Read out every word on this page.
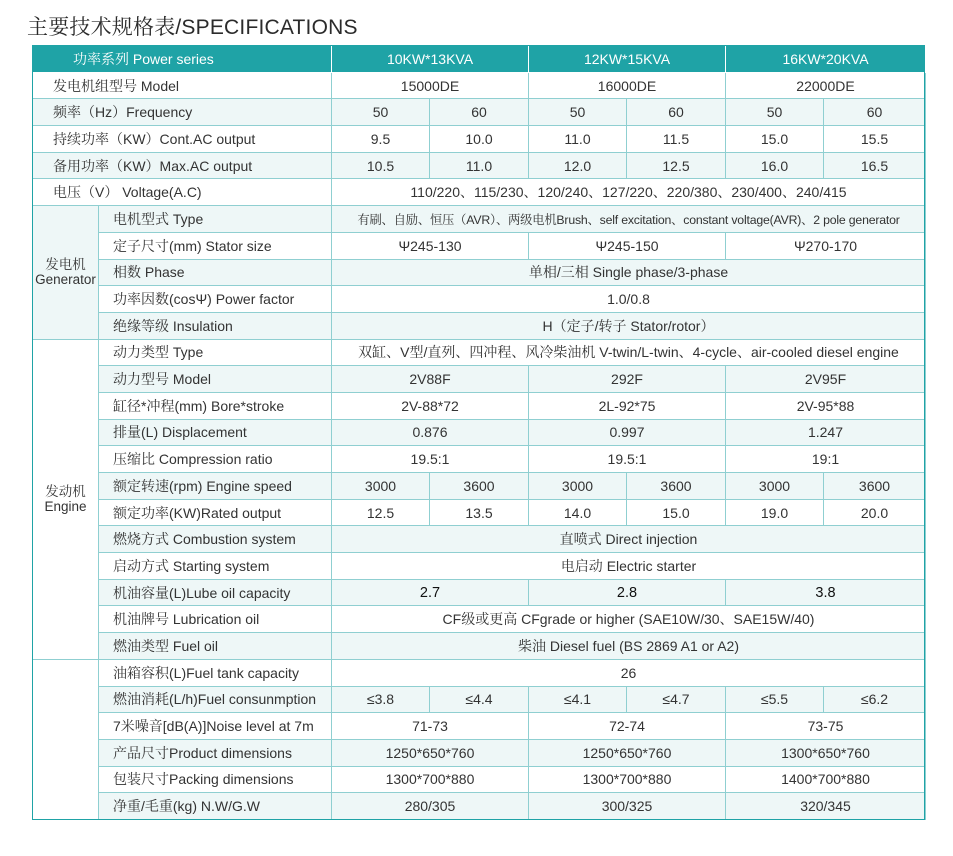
主要技术规格表/SPECIFICATIONS
功率系列 Power series		10KW*13KVA		12KW*15KVA		16KW*20KVA	
发电机组型号 Model		15000DE		16000DE		22000DE	
频率（Hz）Frequency		50	60	50	60	50	60
持续功率（KW）Cont.AC output		9.5	10.0	11.0	11.5	15.0	15.5
备用功率（KW）Max.AC output		10.5	11.0	12.0	12.5	16.0	16.5
电压（V） Voltage(A.C)		110/220、115/230、120/240、127/220、220/380、230/400、240/415					
发电机
Generator	电机型式 Type	有刷、自励、恒压（AVR）、两级电机Brush、self excitation、constant voltage(AVR)、2 pole generator					
	定子尺寸(mm) Stator size	Ψ245-130		Ψ245-150		Ψ270-170	
	相数 Phase	单相/三相 Single phase/3-phase					
	功率因数(cosΨ) Power factor	1.0/0.8					
	绝缘等级 Insulation	H（定子/转子 Stator/rotor）					
发动机
Engine	动力类型 Type	双缸、V型/直列、四冲程、风冷柴油机 V-twin/L-twin、4-cycle、air-cooled diesel engine					
	动力型号 Model	2V88F		292F		2V95F	
	缸径*冲程(mm) Bore*stroke	2V-88*72		2L-92*75		2V-95*88	
	排量(L) Displacement	0.876		0.997		1.247	
	压缩比 Compression ratio	19.5:1		19.5:1		19:1	
	额定转速(rpm) Engine speed	3000	3600	3000	3600	3000	3600
	额定功率(KW)Rated output	12.5	13.5	14.0	15.0	19.0	20.0
	燃烧方式 Combustion system	直喷式 Direct injection					
	启动方式 Starting system	电启动 Electric starter					
	机油容量(L)Lube oil capacity	2.7		2.8		3.8	
	机油牌号 Lubrication oil	CF级或更高 CFgrade or higher (SAE10W/30、SAE15W/40)					
	燃油类型 Fuel oil	柴油 Diesel fuel (BS 2869 A1 or A2)					
	油箱容积(L)Fuel tank capacity	26					
	燃油消耗(L/h)Fuel consunmption	≤3.8	≤4.4	≤4.1	≤4.7	≤5.5	≤6.2
	7米噪音[dB(A)]Noise level at 7m	71-73		72-74		73-75	
	产品尺寸Product dimensions	1250*650*760		1250*650*760		1300*650*760	
	包装尺寸Packing dimensions	1300*700*880		1300*700*880		1400*700*880	
	净重/毛重(kg) N.W/G.W	280/305		300/325		320/345	
